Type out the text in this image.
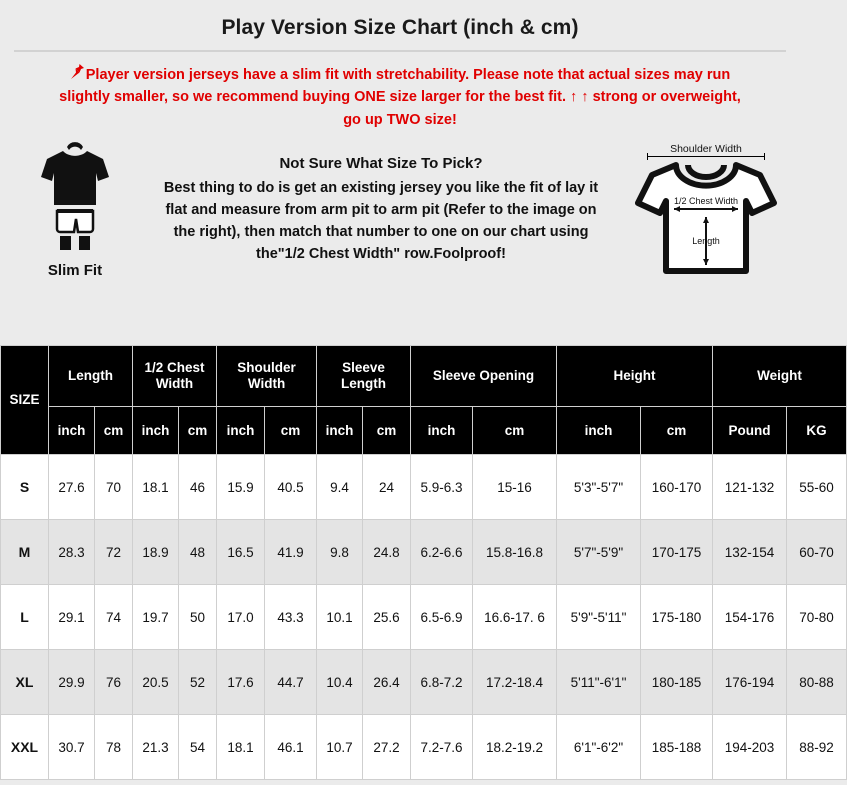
Play Version Size Chart (inch & cm)
Player version jerseys have a slim fit with stretchability. Please note that actual sizes may run
slightly smaller, so we recommend buying ONE size larger for the best fit. ↑ ↑ strong or overweight,
go up TWO size!
Slim Fit
Not Sure What Size To Pick?
Best thing to do is get an existing jersey you like the fit of lay it
flat and measure from arm pit to arm pit (Refer to the image on
the right), then match that number to one on our chart using
the"1/2 Chest Width" row.Foolproof!
Shoulder Width
1/2 Chest Width
Length
SIZE	Length		1/2 Chest Width		Shoulder Width		Sleeve Length		Sleeve Opening		Height		Weight	
	inch	cm	inch	cm	inch	cm	inch	cm	inch	cm	inch	cm	Pound	KG
S	27.6	70	18.1	46	15.9	40.5	9.4	24	5.9-6.3	15-16	5'3"-5'7"	160-170	121-132	55-60
M	28.3	72	18.9	48	16.5	41.9	9.8	24.8	6.2-6.6	15.8-16.8	5'7"-5'9"	170-175	132-154	60-70
L	29.1	74	19.7	50	17.0	43.3	10.1	25.6	6.5-6.9	16.6-17. 6	5'9"-5'11"	175-180	154-176	70-80
XL	29.9	76	20.5	52	17.6	44.7	10.4	26.4	6.8-7.2	17.2-18.4	5'11"-6'1"	180-185	176-194	80-88
XXL	30.7	78	21.3	54	18.1	46.1	10.7	27.2	7.2-7.6	18.2-19.2	6'1"-6'2"	185-188	194-203	88-92
